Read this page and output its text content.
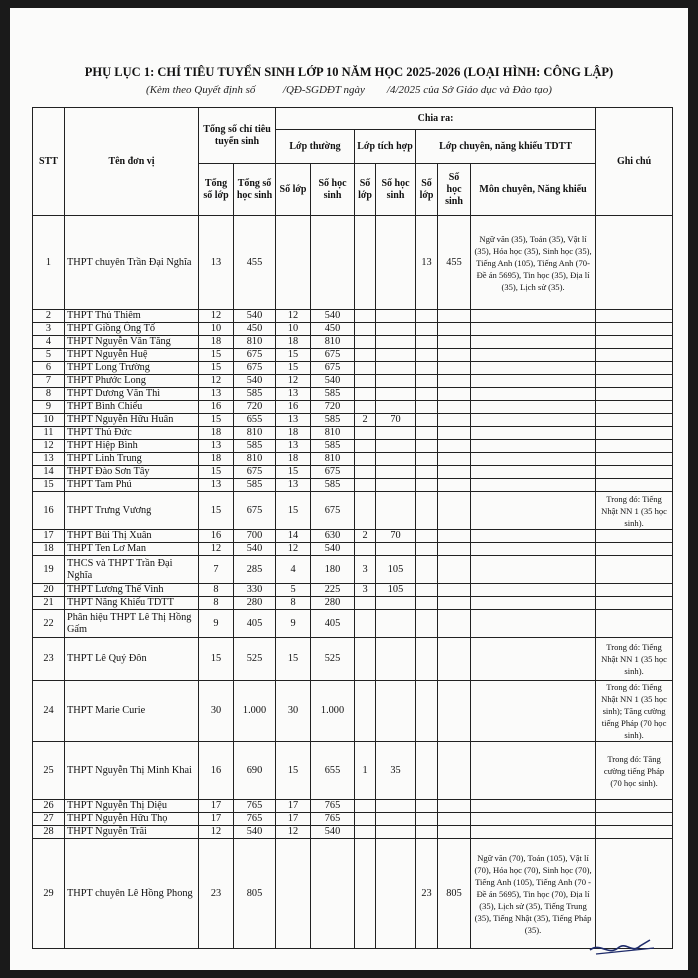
PHỤ LỤC 1: CHỈ TIÊU TUYỂN SINH LỚP 10 NĂM HỌC 2025-2026 (LOẠI HÌNH: CÔNG LẬP)
(Kèm theo Quyết định số          /QĐ-SGDĐT ngày        /4/2025 của Sở Giáo dục và Đào tạo)
STT	Tên đơn vị	Tổng số chỉ tiêu tuyển sinh		Chia ra:							Ghi chú
				Lớp thường		Lớp tích hợp		Lớp chuyên, năng khiếu TDTT			
		Tổng số lớp	Tổng số học sinh	Số lớp	Số học sinh	Số lớp	Số học sinh	Số lớp	Số học sinh	Môn chuyên, Năng khiếu	
1	THPT chuyên Trần Đại Nghĩa	13	455					13	455	Ngữ văn (35), Toán (35), Vật lí (35), Hóa học (35), Sinh học (35), Tiếng Anh (105), Tiếng Anh (70- Đề án 5695), Tin học (35), Địa lí (35), Lịch sử (35).	
2	THPT Thủ Thiêm	12	540	12	540						
3	THPT Giồng Ông Tố	10	450	10	450						
4	THPT Nguyễn Văn Tăng	18	810	18	810						
5	THPT Nguyễn Huệ	15	675	15	675						
6	THPT Long Trường	15	675	15	675						
7	THPT Phước Long	12	540	12	540						
8	THPT Dương Văn Thì	13	585	13	585						
9	THPT Bình Chiểu	16	720	16	720						
10	THPT Nguyễn Hữu Huân	15	655	13	585	2	70				
11	THPT Thủ Đức	18	810	18	810						
12	THPT Hiệp Bình	13	585	13	585						
13	THPT Linh Trung	18	810	18	810						
14	THPT Đào Sơn Tây	15	675	15	675						
15	THPT Tam Phú	13	585	13	585						
16	THPT Trưng Vương	15	675	15	675						Trong đó: Tiếng Nhật NN 1 (35 học sinh).
17	THPT Bùi Thị Xuân	16	700	14	630	2	70				
18	THPT Ten Lơ Man	12	540	12	540						
19	THCS và THPT Trần Đại Nghĩa	7	285	4	180	3	105				
20	THPT Lương Thế Vinh	8	330	5	225	3	105				
21	THPT Năng Khiếu TDTT	8	280	8	280						
22	Phân hiệu THPT Lê Thị Hồng Gấm	9	405	9	405						
23	THPT Lê Quý Đôn	15	525	15	525						Trong đó: Tiếng Nhật NN 1 (35 học sinh).
24	THPT Marie Curie	30	1.000	30	1.000						Trong đó: Tiếng Nhật NN 1 (35 học sinh); Tăng cường tiếng Pháp (70 học sinh).
25	THPT Nguyễn Thị Minh Khai	16	690	15	655	1	35				Trong đó: Tăng cường tiếng Pháp (70 học sinh).
26	THPT Nguyễn Thị Diệu	17	765	17	765						
27	THPT Nguyễn Hữu Thọ	17	765	17	765						
28	THPT Nguyễn Trãi	12	540	12	540						
29	THPT chuyên Lê Hồng Phong	23	805					23	805	Ngữ văn (70), Toán (105), Vật lí (70), Hóa học (70), Sinh học (70), Tiếng Anh (105), Tiếng Anh (70 - Đề án 5695), Tin học (70), Địa lí (35), Lịch sử (35), Tiếng Trung (35), Tiếng Nhật (35), Tiếng Pháp (35).	
